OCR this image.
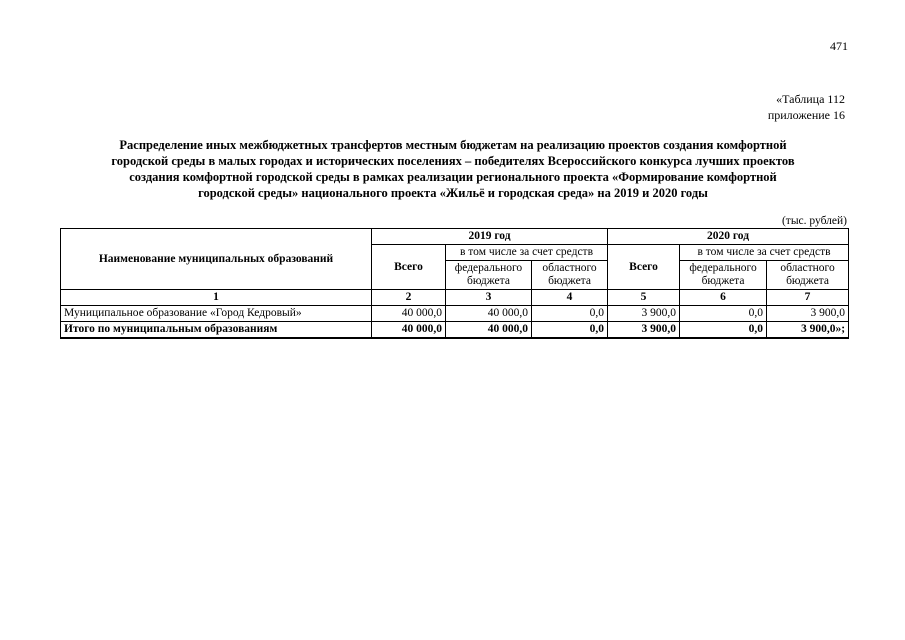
471
«Таблица 112
приложение 16
Распределение иных межбюджетных трансфертов местным бюджетам на реализацию проектов создания комфортной
городской среды в малых городах и исторических поселениях – победителях Всероссийского конкурса лучших проектов
создания комфортной городской среды в рамках реализации регионального проекта «Формирование комфортной
городской среды» национального проекта «Жильё и городская среда» на 2019 и 2020 годы
(тыс. рублей)
Наименование муниципальных образований	2019 год			2020 год		
	Всего	в том числе за счет средств		Всего	в том числе за счет средств	
		федерального бюджета	областного бюджета		федерального бюджета	областного бюджета
1	2	3	4	5	6	7
Муниципальное образование «Город Кедровый»	40 000,0	40 000,0	0,0	3 900,0	0,0	3 900,0
Итого по муниципальным образованиям	40 000,0	40 000,0	0,0	3 900,0	0,0	3 900,0»;
